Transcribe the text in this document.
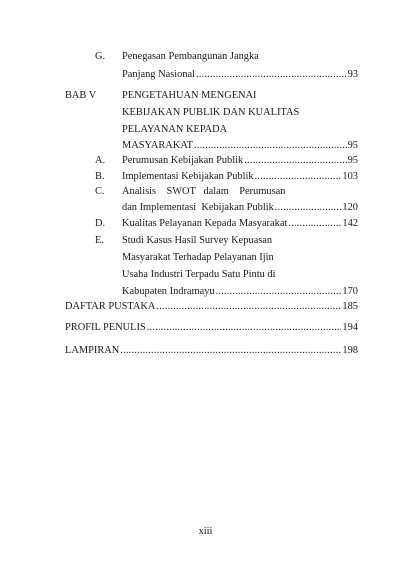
G. Penegasan Pembangunan Jangka
Panjang Nasional .....	93
BAB V PENGETAHUAN MENGENAI
KEBIJAKAN PUBLIK DAN KUALITAS
PELAYANAN KEPADA
MASYARAKAT .....	95
A. Perumusan Kebijakan Publik .....	95
B. Implementasi Kebijakan Publik .....	103
C. Analisis    SWOT   dalam    Perumusan
dan Implementasi  Kebijakan Publik .....	120
D. Kualitas Pelayanan Kepada Masyarakat .....	142
E. Studi Kasus Hasil Survey Kepuasan
Masyarakat Terhadap Pelayanan Ijin
Usaha Industri Terpadu Satu Pintu di
Kabupaten Indramayu .....	170
DAFTAR PUSTAKA .....	185
PROFIL PENULIS .....	194
LAMPIRAN .....	198
xiii
